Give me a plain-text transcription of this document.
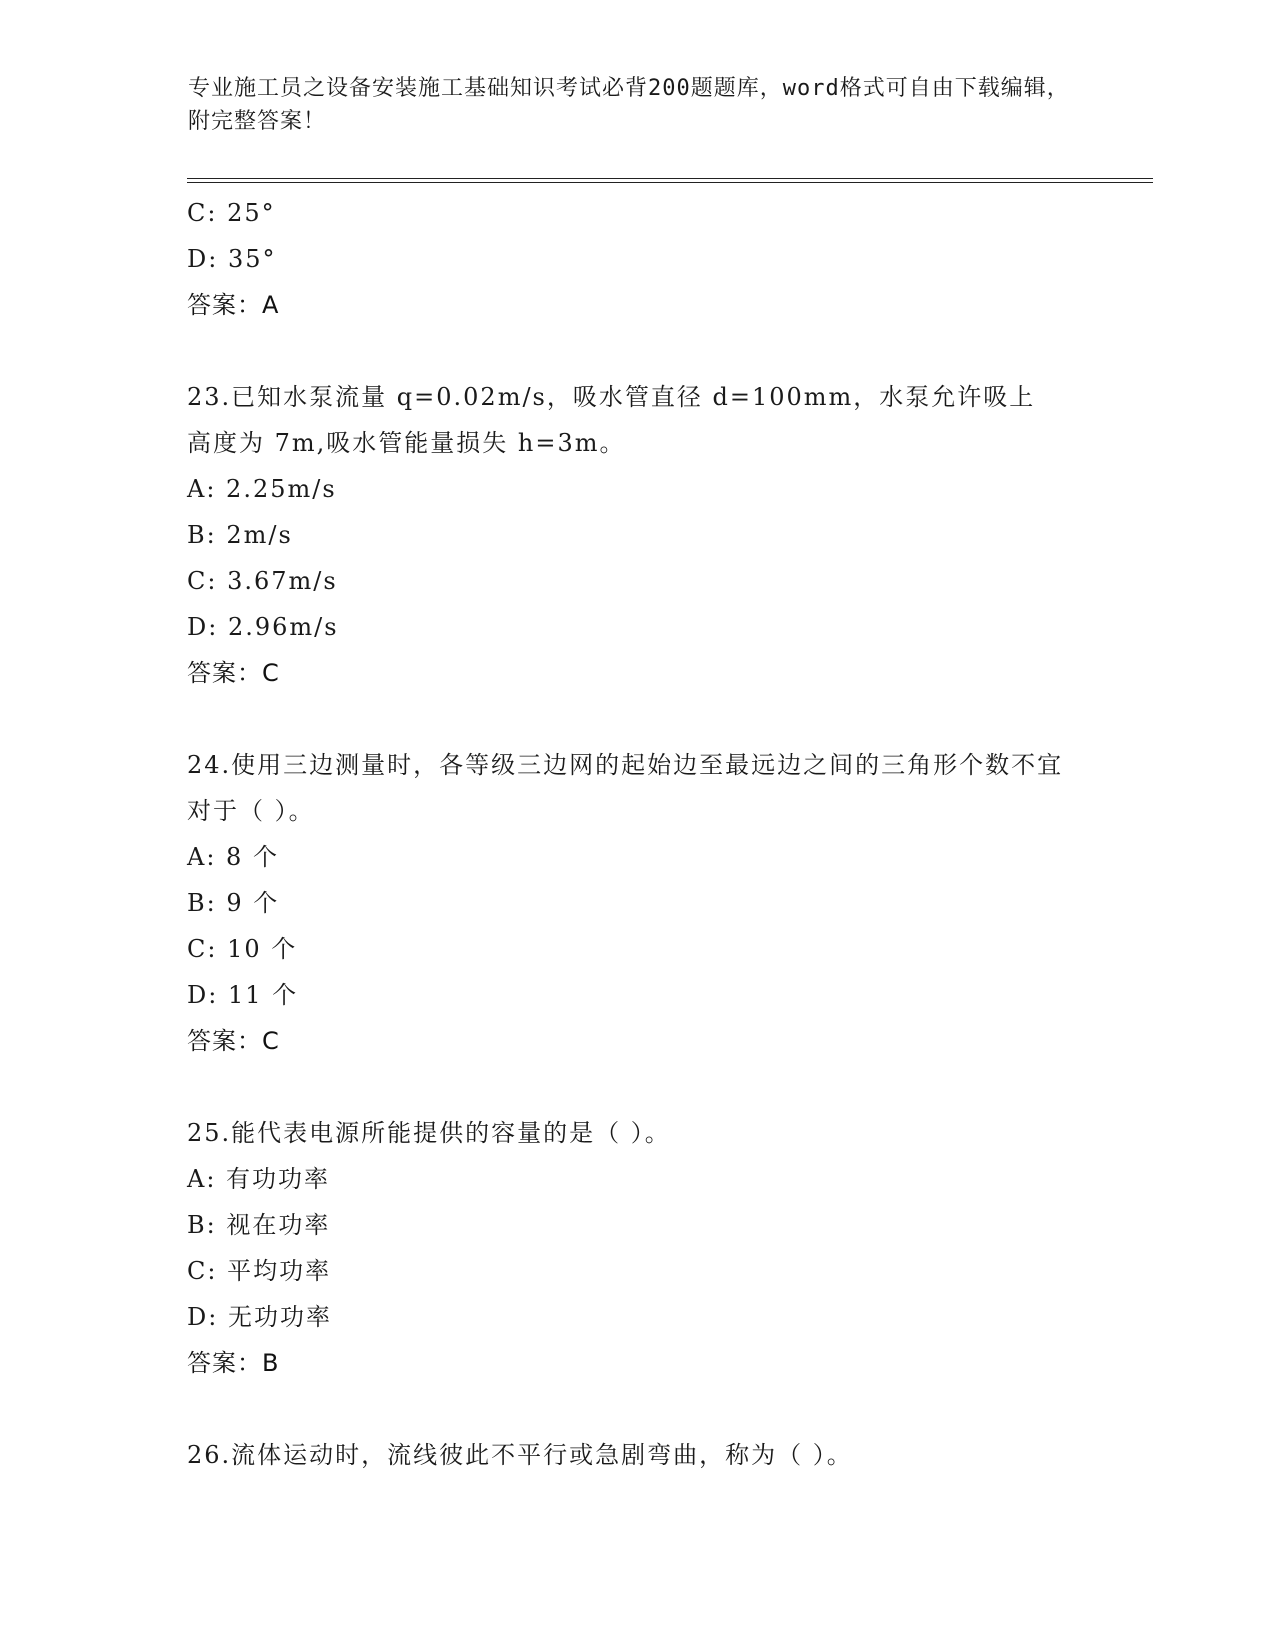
专业施工员之设备安装施工基础知识考试必背200题题库，word格式可自由下载编辑，附完整答案！
C: 25°
D: 35°
答案：A
23.已知水泵流量 q=0.02m/s，吸水管直径 d=100mm，水泵允许吸上高度为 7m,吸水管能量损失 h=3m。
A: 2.25m/s
B: 2m/s
C: 3.67m/s
D: 2.96m/s
答案：C
24.使用三边测量时，各等级三边网的起始边至最远边之间的三角形个数不宜对于（ ）。
A: 8 个
B: 9 个
C: 10 个
D: 11 个
答案：C
25.能代表电源所能提供的容量的是（ ）。
A: 有功功率
B: 视在功率
C: 平均功率
D: 无功功率
答案：B
26.流体运动时，流线彼此不平行或急剧弯曲，称为（ ）。
